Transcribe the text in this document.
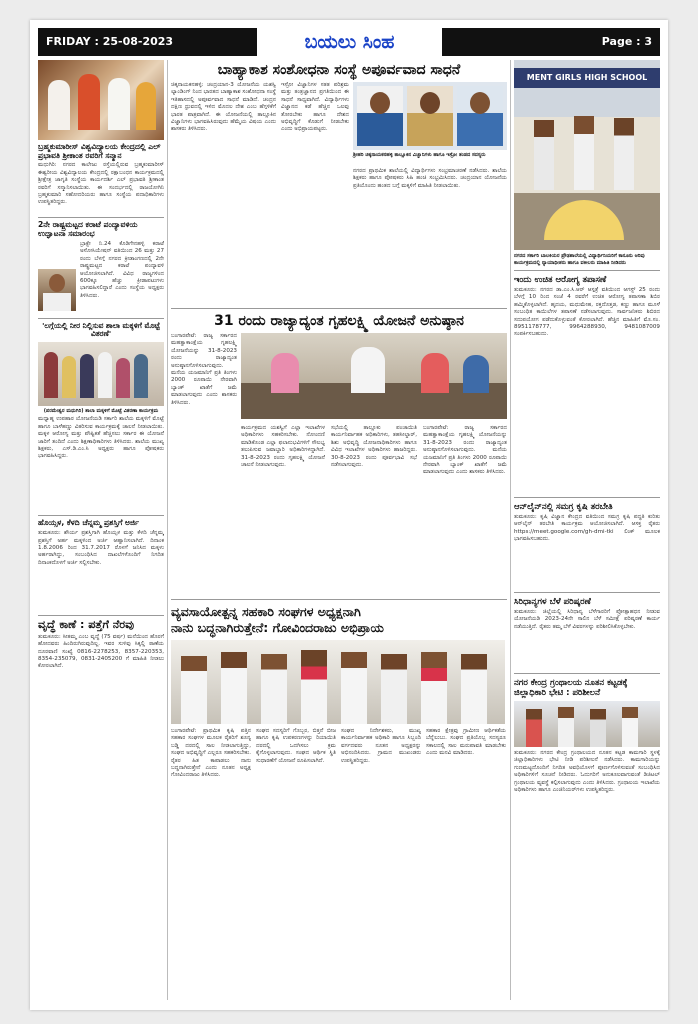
FRIDAY : 25-08-2023	ಬಯಲು ಸಿಂಹ	Page : 3
ಬ್ರಹ್ಮಕುಮಾರೀಸ್ ವಿಶ್ವವಿದ್ಯಾಲಯ ಕೇಂದ್ರದಲ್ಲಿ ಎಲ್ ಪ್ರಭಾವತಿ ಶ್ರೀಕಾಂತ ರವರಿಗೆ ಸನ್ಮಾನ
ಮಧುಗಿರಿ: ನಗರದ ಕಾಲೇಜು ರಸ್ತೆಯಲ್ಲಿರುವ ಬ್ರಹ್ಮಕುಮಾರೀಸ್ ಈಶ್ವರೀಯ ವಿಶ್ವವಿದ್ಯಾಲಯ ಕೇಂದ್ರದಲ್ಲಿ ರಕ್ಷಾಬಂಧನ ಕಾರ್ಯಕ್ರಮದಲ್ಲಿ ಶ್ರೀಕ್ಷೇತ್ರ ಜಾಗೃತಿ ಸಂಸ್ಥೆಯ ಕಾರ್ಯದರ್ಶಿ ಎಲ್ ಪ್ರಭಾವತಿ ಶ್ರೀಕಾಂತ ರವರಿಗೆ ಸನ್ಮಾನಿಸಲಾಯಿತು. ಈ ಸಂದರ್ಭದಲ್ಲಿ ರಾಜಯೋಗಿನಿ ಬ್ರಹ್ಮಕುಮಾರಿ ಸಹೋದರಿಯರು ಹಾಗೂ ಸಂಸ್ಥೆಯ ಪದಾಧಿಕಾರಿಗಳು ಉಪಸ್ಥಿತರಿದ್ದರು.
2ನೇ ರಾಷ್ಟ್ರಮಟ್ಟದ ಕರಾಟೆ ಪಂದ್ಯಾವಳಿಯ ಉದ್ಘಾಟನಾ ಸಮಾರಂಭ
ಬ್ರಾಕ್ಟೇ ನಿ.24 ಕೊಡಿಗೇನಹಳ್ಳಿ ಕರಾಟೆ ಅಸೋಸಿಯೇಷನ್ ವತಿಯಿಂದ 26 ಮತ್ತು 27 ರಂದು ಬೆಳಗ್ಗೆ ನಗರದ ಕ್ರೀಡಾಂಗಣದಲ್ಲಿ 2ನೇ ರಾಷ್ಟ್ರಮಟ್ಟದ ಕರಾಟೆ ಪಂದ್ಯಾವಳಿ ಆಯೋಜಿಸಲಾಗಿದೆ. ವಿವಿಧ ರಾಜ್ಯಗಳಿಂದ 600ಕ್ಕೂ ಹೆಚ್ಚು ಕ್ರೀಡಾಪಟುಗಳು ಭಾಗವಹಿಸಲಿದ್ದಾರೆ ಎಂದು ಸಂಸ್ಥೆಯ ಅಧ್ಯಕ್ಷರು ತಿಳಿಸಿದರು.
'ಲಗ್ಗೆಯಲ್ಲಿ ನೀರ ನಿಲ್ಲಿಸುವ ಶಾಲಾ ಮಕ್ಕಳಿಗೆ ಮೊಟ್ಟೆ ವಿತರಣೆ'
(ಪರಮೇಶ್ವರ ಮಧುಗಿರಿ) ಶಾಲಾ ಮಕ್ಕಳಿಗೆ ಮೊಟ್ಟೆ ವಿತರಣಾ ಕಾರ್ಯಕ್ರಮ
ಮಧ್ಯಾಹ್ನ ಉಪಹಾರ ಯೋಜನೆಯಡಿ ಸರ್ಕಾರಿ ಶಾಲೆಯ ಮಕ್ಕಳಿಗೆ ಮೊಟ್ಟೆ ಹಾಗೂ ಬಾಳೆಹಣ್ಣು ವಿತರಿಸುವ ಕಾರ್ಯಕ್ರಮಕ್ಕೆ ಚಾಲನೆ ನೀಡಲಾಯಿತು. ಮಕ್ಕಳ ಆರೋಗ್ಯ ಮತ್ತು ಪೌಷ್ಟಿಕತೆ ಹೆಚ್ಚಿಸಲು ಸರ್ಕಾರ ಈ ಯೋಜನೆ ಜಾರಿಗೆ ತಂದಿದೆ ಎಂದು ಶಿಕ್ಷಣಾಧಿಕಾರಿಗಳು ತಿಳಿಸಿದರು. ಶಾಲೆಯ ಮುಖ್ಯ ಶಿಕ್ಷಕರು, ಎಸ್.ಡಿ.ಎಂ.ಸಿ ಅಧ್ಯಕ್ಷರು ಹಾಗೂ ಪೋಷಕರು ಭಾಗವಹಿಸಿದ್ದರು.
ಹೊಯ್ಸಳ, ಕೆಳದಿ ಚೆನ್ನಮ್ಮ ಪ್ರಶಸ್ತಿಗೆ ಅರ್ಜಿ
ತುಮಕೂರು: ಶೌರ್ಯ ಪ್ರಶಸ್ತಿಗಾಗಿ ಹೊಯ್ಸಳ ಮತ್ತು ಕೆಳದಿ ಚೆನ್ನಮ್ಮ ಪ್ರಶಸ್ತಿಗೆ ಅರ್ಹ ಮಕ್ಕಳಿಂದ ಅರ್ಜಿ ಆಹ್ವಾನಿಸಲಾಗಿದೆ. ದಿನಾಂಕ 1.8.2006 ರಿಂದ 31.7.2017 ರೊಳಗೆ ಜನಿಸಿದ ಮಕ್ಕಳು ಅರ್ಹರಾಗಿದ್ದು, ಸಂಬಂಧಿಸಿದ ದಾಖಲೆಗಳೊಂದಿಗೆ ನಿಗದಿತ ದಿನಾಂಕದೊಳಗೆ ಅರ್ಜಿ ಸಲ್ಲಿಸಬೇಕು.
ವೃದ್ಧೆ ಕಾಣೆ : ಪತ್ತೆಗೆ ನೆರವು
ತುಮಕೂರು: ಸೀತಮ್ಮ ಎಂಬ ವೃದ್ಧೆ (75 ವರ್ಷ) ಮನೆಯಿಂದ ಹೊರಗೆ ಹೋದವರು ಹಿಂದಿರುಗಿರುವುದಿಲ್ಲ. ಇವರ ಸುಳಿವು ಸಿಕ್ಕಲ್ಲಿ ಠಾಣೆಯ ದೂರವಾಣಿ ಸಂಖ್ಯೆ 0816-2278253, 8357-220353, 8354-235079, 0831-2405200 ಗೆ ಮಾಹಿತಿ ನೀಡಲು ಕೋರಲಾಗಿದೆ.
ಬಾಹ್ಯಾಕಾಶ ಸಂಶೋಧನಾ ಸಂಸ್ಥೆ ಅಪೂರ್ವವಾದ ಸಾಧನೆ
ಚಿಕ್ಕನಾಯಕನಹಳ್ಳಿ: ಚಂದ್ರಯಾನ-3 ಯೋಜನೆಯ ಯಶಸ್ವಿ ಲ್ಯಾಂಡಿಂಗ್ ನಿಂದ ಭಾರತದ ಬಾಹ್ಯಾಕಾಶ ಸಂಶೋಧನಾ ಸಂಸ್ಥೆ ಇತಿಹಾಸದಲ್ಲಿ ಅಪೂರ್ವವಾದ ಸಾಧನೆ ಮಾಡಿದೆ. ಚಂದ್ರನ ದಕ್ಷಿಣ ಧ್ರುವದಲ್ಲಿ ಇಳಿದ ಮೊದಲ ದೇಶ ಎಂಬ ಹೆಗ್ಗಳಿಕೆಗೆ ಭಾರತ ಪಾತ್ರವಾಗಿದೆ. ಈ ಯೋಜನೆಯಲ್ಲಿ ತಾಲ್ಲೂಕಿನ ವಿಜ್ಞಾನಿಗಳು ಭಾಗವಹಿಸಿರುವುದು ಹೆಮ್ಮೆಯ ವಿಷಯ ಎಂದು ಶಾಸಕರು ತಿಳಿಸಿದರು.
ಇಸ್ರೋ ವಿಜ್ಞಾನಿಗಳ ಸತತ ಪರಿಶ್ರಮ ಮತ್ತು ತಂತ್ರಜ್ಞಾನದ ಪ್ರಗತಿಯಿಂದ ಈ ಸಾಧನೆ ಸಾಧ್ಯವಾಗಿದೆ. ವಿದ್ಯಾರ್ಥಿಗಳು ವಿಜ್ಞಾನದ ಕಡೆ ಹೆಚ್ಚಿನ ಒಲವು ತೋರಬೇಕು ಹಾಗೂ ದೇಶದ ಅಭಿವೃದ್ಧಿಗೆ ಕೊಡುಗೆ ನೀಡಬೇಕು ಎಂದು ಅಭಿಪ್ರಾಯಪಟ್ಟರು.
ಶ್ರೀಹರಿ ಚಿಕ್ಕನಾಯಕನಹಳ್ಳಿ ತಾಲ್ಲೂಕಿನ ವಿಜ್ಞಾನಿಗಳು ಹಾಗೂ ಇಸ್ರೋ ತಂಡದ ಸದಸ್ಯರು
ನಗರದ ಪ್ರಾಥಮಿಕ ಶಾಲೆಯಲ್ಲಿ ವಿದ್ಯಾರ್ಥಿಗಳು ಸಂಭ್ರಮಾಚರಣೆ ನಡೆಸಿದರು. ಶಾಲೆಯ ಶಿಕ್ಷಕರು ಹಾಗೂ ಪೋಷಕರು ಸಿಹಿ ಹಂಚಿ ಸಂಭ್ರಮಿಸಿದರು. ಚಂದ್ರಯಾನ ಯೋಜನೆಯ ಪ್ರತಿಯೊಂದು ಹಂತದ ಬಗ್ಗೆ ಮಕ್ಕಳಿಗೆ ಮಾಹಿತಿ ನೀಡಲಾಯಿತು.
31 ರಂದು ರಾಜ್ಯಾದ್ಯಂತ ಗೃಹಲಕ್ಷ್ಮಿ ಯೋಜನೆ ಅನುಷ್ಠಾನ
ಬಂಗಾರಪೇಟೆ: ರಾಜ್ಯ ಸರ್ಕಾರದ ಮಹತ್ವಾಕಾಂಕ್ಷೆಯ ಗೃಹಲಕ್ಷ್ಮಿ ಯೋಜನೆಯನ್ನು 31-8-2023 ರಂದು ರಾಜ್ಯಾದ್ಯಂತ ಅನುಷ್ಠಾನಗೊಳಿಸಲಾಗುವುದು. ಮನೆಯ ಯಜಮಾನಿಗೆ ಪ್ರತಿ ತಿಂಗಳು 2000 ರೂಪಾಯಿ ನೇರವಾಗಿ ಬ್ಯಾಂಕ್ ಖಾತೆಗೆ ಜಮೆ ಮಾಡಲಾಗುವುದು ಎಂದು ಶಾಸಕರು ತಿಳಿಸಿದರು.
ಕಾರ್ಯಕ್ರಮದ ಯಶಸ್ವಿಗೆ ಎಲ್ಲಾ ಇಲಾಖೆಗಳ ಅಧಿಕಾರಿಗಳು ಸಹಕರಿಸಬೇಕು. ನೋಂದಣಿ ಮಾಡಿಕೊಂಡ ಎಲ್ಲಾ ಫಲಾನುಭವಿಗಳಿಗೆ ಸೌಲಭ್ಯ ತಲುಪಿಸುವ ಜವಾಬ್ದಾರಿ ಅಧಿಕಾರಿಗಳದ್ದಾಗಿದೆ. 31-8-2023 ರಂದು ಗೃಹಲಕ್ಷ್ಮಿ ಯೋಜನೆ ಚಾಲನೆ ನೀಡಲಾಗುವುದು.
ಸಭೆಯಲ್ಲಿ ತಾಲ್ಲೂಕು ಪಂಚಾಯಿತಿ ಕಾರ್ಯನಿರ್ವಾಹಕ ಅಧಿಕಾರಿಗಳು, ತಹಸೀಲ್ದಾರ್, ಶಿಶು ಅಭಿವೃದ್ಧಿ ಯೋಜನಾಧಿಕಾರಿಗಳು ಹಾಗೂ ವಿವಿಧ ಇಲಾಖೆಗಳ ಅಧಿಕಾರಿಗಳು ಹಾಜರಿದ್ದರು. 30-8-2023 ರಂದು ಪೂರ್ವಭಾವಿ ಸಭೆ ನಡೆಸಲಾಗುವುದು.
ಬಂಗಾರಪೇಟೆ: ರಾಜ್ಯ ಸರ್ಕಾರದ ಮಹತ್ವಾಕಾಂಕ್ಷೆಯ ಗೃಹಲಕ್ಷ್ಮಿ ಯೋಜನೆಯನ್ನು 31-8-2023 ರಂದು ರಾಜ್ಯಾದ್ಯಂತ ಅನುಷ್ಠಾನಗೊಳಿಸಲಾಗುವುದು. ಮನೆಯ ಯಜಮಾನಿಗೆ ಪ್ರತಿ ತಿಂಗಳು 2000 ರೂಪಾಯಿ ನೇರವಾಗಿ ಬ್ಯಾಂಕ್ ಖಾತೆಗೆ ಜಮೆ ಮಾಡಲಾಗುವುದು ಎಂದು ಶಾಸಕರು ತಿಳಿಸಿದರು.
ವ್ಯವಸಾಯೋತ್ಪನ್ನ ಸಹಕಾರಿ ಸಂಘಗಳ ಅಧ್ಯಕ್ಷನಾಗಿ
ನಾನು ಬದ್ಧನಾಗಿರುತ್ತೇನೆ: ಗೋವಿಂದರಾಜು ಅಭಿಪ್ರಾಯ
ಬಂಗಾರಪೇಟೆ: ಪ್ರಾಥಮಿಕ ಕೃಷಿ ಪತ್ತಿನ ಸಹಕಾರ ಸಂಘಗಳ ಮೂಲಕ ರೈತರಿಗೆ ಶೂನ್ಯ ಬಡ್ಡಿ ದರದಲ್ಲಿ ಸಾಲ ನೀಡಲಾಗುತ್ತಿದ್ದು, ಸಂಘದ ಅಭಿವೃದ್ಧಿಗೆ ಎಲ್ಲರೂ ಸಹಕರಿಸಬೇಕು. ರೈತರ ಹಿತ ಕಾಪಾಡಲು ನಾನು ಬದ್ಧನಾಗಿರುತ್ತೇನೆ ಎಂದು ನೂತನ ಅಧ್ಯಕ್ಷ ಗೋವಿಂದರಾಜು ತಿಳಿಸಿದರು.
ಸಂಘದ ಸದಸ್ಯರಿಗೆ ಗೊಬ್ಬರ, ಬಿತ್ತನೆ ಬೀಜ ಹಾಗೂ ಕೃಷಿ ಉಪಕರಣಗಳನ್ನು ರಿಯಾಯಿತಿ ದರದಲ್ಲಿ ಒದಗಿಸಲು ಕ್ರಮ ಕೈಗೊಳ್ಳಲಾಗುವುದು. ಸಂಘದ ಆರ್ಥಿಕ ಸ್ಥಿತಿ ಸುಧಾರಣೆಗೆ ಯೋಜನೆ ರೂಪಿಸಲಾಗಿದೆ.
ಸಂಘದ ನಿರ್ದೇಶಕರು, ಮುಖ್ಯ ಕಾರ್ಯನಿರ್ವಾಹಕ ಅಧಿಕಾರಿ ಹಾಗೂ ಸಿಬ್ಬಂದಿ ವರ್ಗದವರು ನೂತನ ಅಧ್ಯಕ್ಷರನ್ನು ಅಭಿನಂದಿಸಿದರು. ಗ್ರಾಮದ ಮುಖಂಡರು ಉಪಸ್ಥಿತರಿದ್ದರು.
ಸಹಕಾರ ಕ್ಷೇತ್ರವು ಗ್ರಾಮೀಣ ಆರ್ಥಿಕತೆಯ ಬೆನ್ನೆಲುಬು. ಸಂಘದ ಪ್ರತಿಯೊಬ್ಬ ಸದಸ್ಯರೂ ಸಕಾಲದಲ್ಲಿ ಸಾಲ ಮರುಪಾವತಿ ಮಾಡಬೇಕು ಎಂದು ಮನವಿ ಮಾಡಿದರು.
MENT GIRLS HIGH SCHOOL
ನಗರದ ಸರ್ಕಾರಿ ಬಾಲಕಿಯರ ಪ್ರೌಢಶಾಲೆಯಲ್ಲಿ ವಿದ್ಯಾರ್ಥಿನಿಯರಿಗೆ ಕಾನೂನು ಅರಿವು ಕಾರ್ಯಕ್ರಮದಲ್ಲಿ ನ್ಯಾಯಾಧೀಶರು ಹಾಗೂ ವಕೀಲರು ಮಾಹಿತಿ ನೀಡಿದರು
ಇಂದು ಉಚಿತ ಆರೋಗ್ಯ ತಪಾಸಣೆ
ತುಮಕೂರು: ನಗರದ ಡಾ.ಎಂ.ಸಿ.ಆರ್ ಆಸ್ಪತ್ರೆ ವತಿಯಿಂದ ಆಗಸ್ಟ್ 25 ರಂದು ಬೆಳಗ್ಗೆ 10 ರಿಂದ ಸಂಜೆ 4 ರವರೆಗೆ ಉಚಿತ ಆರೋಗ್ಯ ತಪಾಸಣಾ ಶಿಬಿರ ಹಮ್ಮಿಕೊಳ್ಳಲಾಗಿದೆ. ಹೃದಯ, ಮಧುಮೇಹ, ರಕ್ತದೊತ್ತಡ, ಕಣ್ಣು ಹಾಗೂ ಮೂಳೆ ಸಂಬಂಧಿತ ಕಾಯಿಲೆಗಳ ತಪಾಸಣೆ ನಡೆಸಲಾಗುವುದು. ಸಾರ್ವಜನಿಕರು ಶಿಬಿರದ ಸದುಪಯೋಗ ಪಡೆದುಕೊಳ್ಳುವಂತೆ ಕೋರಲಾಗಿದೆ. ಹೆಚ್ಚಿನ ಮಾಹಿತಿಗೆ ಮೊ.ಸಂ. 8951178777, 9964288930, 9481087009 ಸಂಪರ್ಕಿಸಬಹುದು.
ಆನ್‌ಲೈನ್‌ನಲ್ಲಿ ಸಮಗ್ರ ಕೃಷಿ ತರಬೇತಿ
ತುಮಕೂರು: ಕೃಷಿ ವಿಜ್ಞಾನ ಕೇಂದ್ರದ ವತಿಯಿಂದ ಸಮಗ್ರ ಕೃಷಿ ಪದ್ಧತಿ ಕುರಿತು ಆನ್‌ಲೈನ್ ತರಬೇತಿ ಕಾರ್ಯಕ್ರಮ ಆಯೋಜಿಸಲಾಗಿದೆ. ಆಸಕ್ತ ರೈತರು https://meet.google.com/gh-dmi-tki ಲಿಂಕ್ ಮೂಲಕ ಭಾಗವಹಿಸಬಹುದು.
ಸಿರಿಧಾನ್ಯಗಳ ಬೆಳೆ ಪರಿಷ್ಕರಣೆ
ತುಮಕೂರು: ಜಿಲ್ಲೆಯಲ್ಲಿ ಸಿರಿಧಾನ್ಯ ಬೆಳೆಗಾರರಿಗೆ ಪ್ರೋತ್ಸಾಹಧನ ನೀಡುವ ಯೋಜನೆಯಡಿ 2023-24ನೇ ಸಾಲಿನ ಬೆಳೆ ಸಮೀಕ್ಷೆ ಪರಿಷ್ಕರಣೆ ಕಾರ್ಯ ನಡೆಯುತ್ತಿದೆ. ರೈತರು ತಮ್ಮ ಬೆಳೆ ವಿವರಗಳನ್ನು ಪರಿಶೀಲಿಸಿಕೊಳ್ಳಬೇಕು.
ನಗರ ಕೇಂದ್ರ ಗ್ರಂಥಾಲಯ ನೂತನ ಕಟ್ಟಡಕ್ಕೆ ಜಿಲ್ಲಾಧಿಕಾರಿ ಭೇಟಿ : ಪರಿಶೀಲನೆ
ತುಮಕೂರು: ನಗರದ ಕೇಂದ್ರ ಗ್ರಂಥಾಲಯದ ನೂತನ ಕಟ್ಟಡ ಕಾಮಗಾರಿ ಸ್ಥಳಕ್ಕೆ ಜಿಲ್ಲಾಧಿಕಾರಿಗಳು ಭೇಟಿ ನೀಡಿ ಪರಿಶೀಲನೆ ನಡೆಸಿದರು. ಕಾಮಗಾರಿಯನ್ನು ಗುಣಮಟ್ಟದೊಂದಿಗೆ ನಿಗದಿತ ಅವಧಿಯೊಳಗೆ ಪೂರ್ಣಗೊಳಿಸುವಂತೆ ಸಂಬಂಧಿಸಿದ ಅಧಿಕಾರಿಗಳಿಗೆ ಸೂಚನೆ ನೀಡಿದರು. ಓದುಗರಿಗೆ ಅನುಕೂಲವಾಗುವಂತೆ ಡಿಜಿಟಲ್ ಗ್ರಂಥಾಲಯ ವ್ಯವಸ್ಥೆ ಕಲ್ಪಿಸಲಾಗುವುದು ಎಂದು ತಿಳಿಸಿದರು. ಗ್ರಂಥಾಲಯ ಇಲಾಖೆಯ ಅಧಿಕಾರಿಗಳು ಹಾಗೂ ಎಂಜಿನಿಯರ್‌ಗಳು ಉಪಸ್ಥಿತರಿದ್ದರು.
